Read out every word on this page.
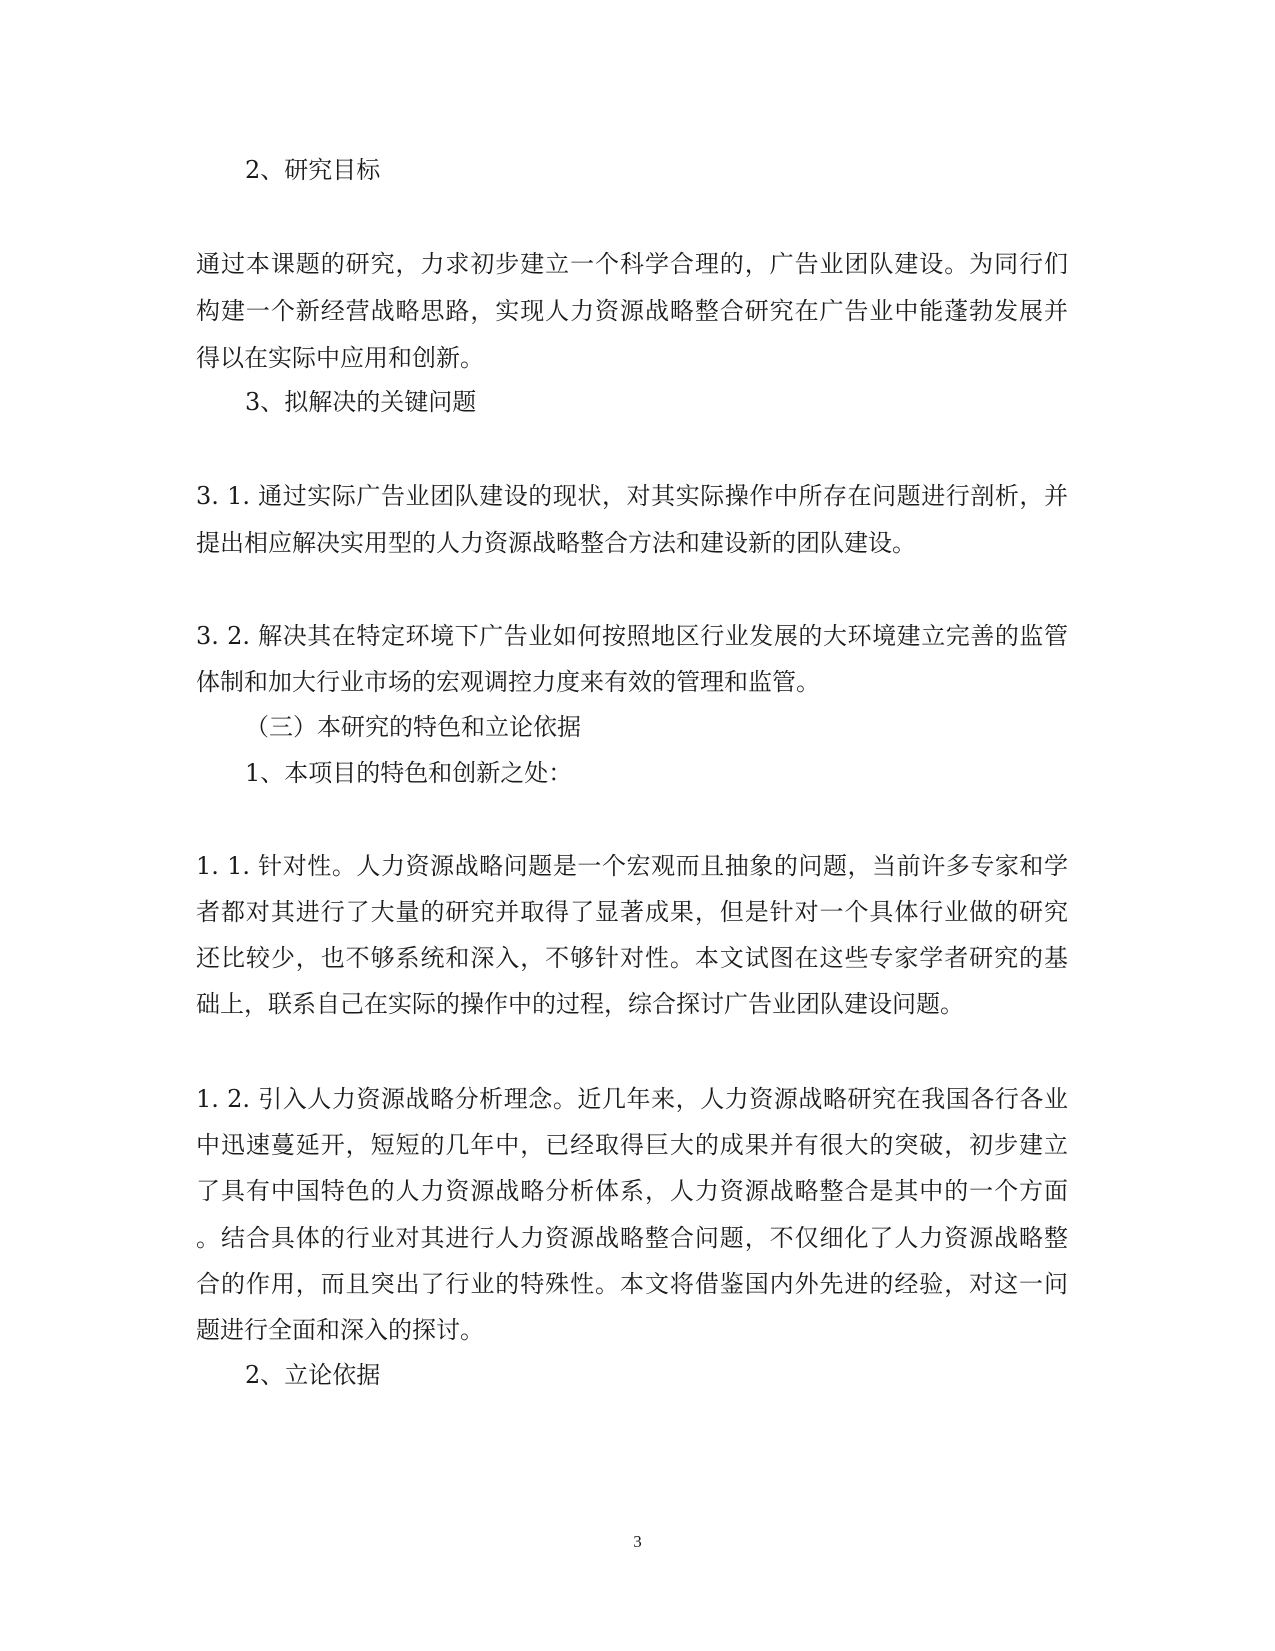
2、研究目标

通过本课题的研究，力求初步建立一个科学合理的，广告业团队建设。为同行们

构建一个新经营战略思路，实现人力资源战略整合研究在广告业中能蓬勃发展并

得以在实际中应用和创新。

3、拟解决的关键问题

3. 1. 通过实际广告业团队建设的现状，对其实际操作中所存在问题进行剖析，并

提出相应解决实用型的人力资源战略整合方法和建设新的团队建设。

3. 2. 解决其在特定环境下广告业如何按照地区行业发展的大环境建立完善的监管

体制和加大行业市场的宏观调控力度来有效的管理和监管。

（三）本研究的特色和立论依据

1、本项目的特色和创新之处：

1. 1. 针对性。人力资源战略问题是一个宏观而且抽象的问题，当前许多专家和学

者都对其进行了大量的研究并取得了显著成果，但是针对一个具体行业做的研究

还比较少，也不够系统和深入，不够针对性。本文试图在这些专家学者研究的基

础上，联系自己在实际的操作中的过程，综合探讨广告业团队建设问题。

1. 2. 引入人力资源战略分析理念。近几年来，人力资源战略研究在我国各行各业

中迅速蔓延开，短短的几年中，已经取得巨大的成果并有很大的突破，初步建立

了具有中国特色的人力资源战略分析体系，人力资源战略整合是其中的一个方面

。结合具体的行业对其进行人力资源战略整合问题，不仅细化了人力资源战略整

合的作用，而且突出了行业的特殊性。本文将借鉴国内外先进的经验，对这一问

题进行全面和深入的探讨。

2、立论依据

3
